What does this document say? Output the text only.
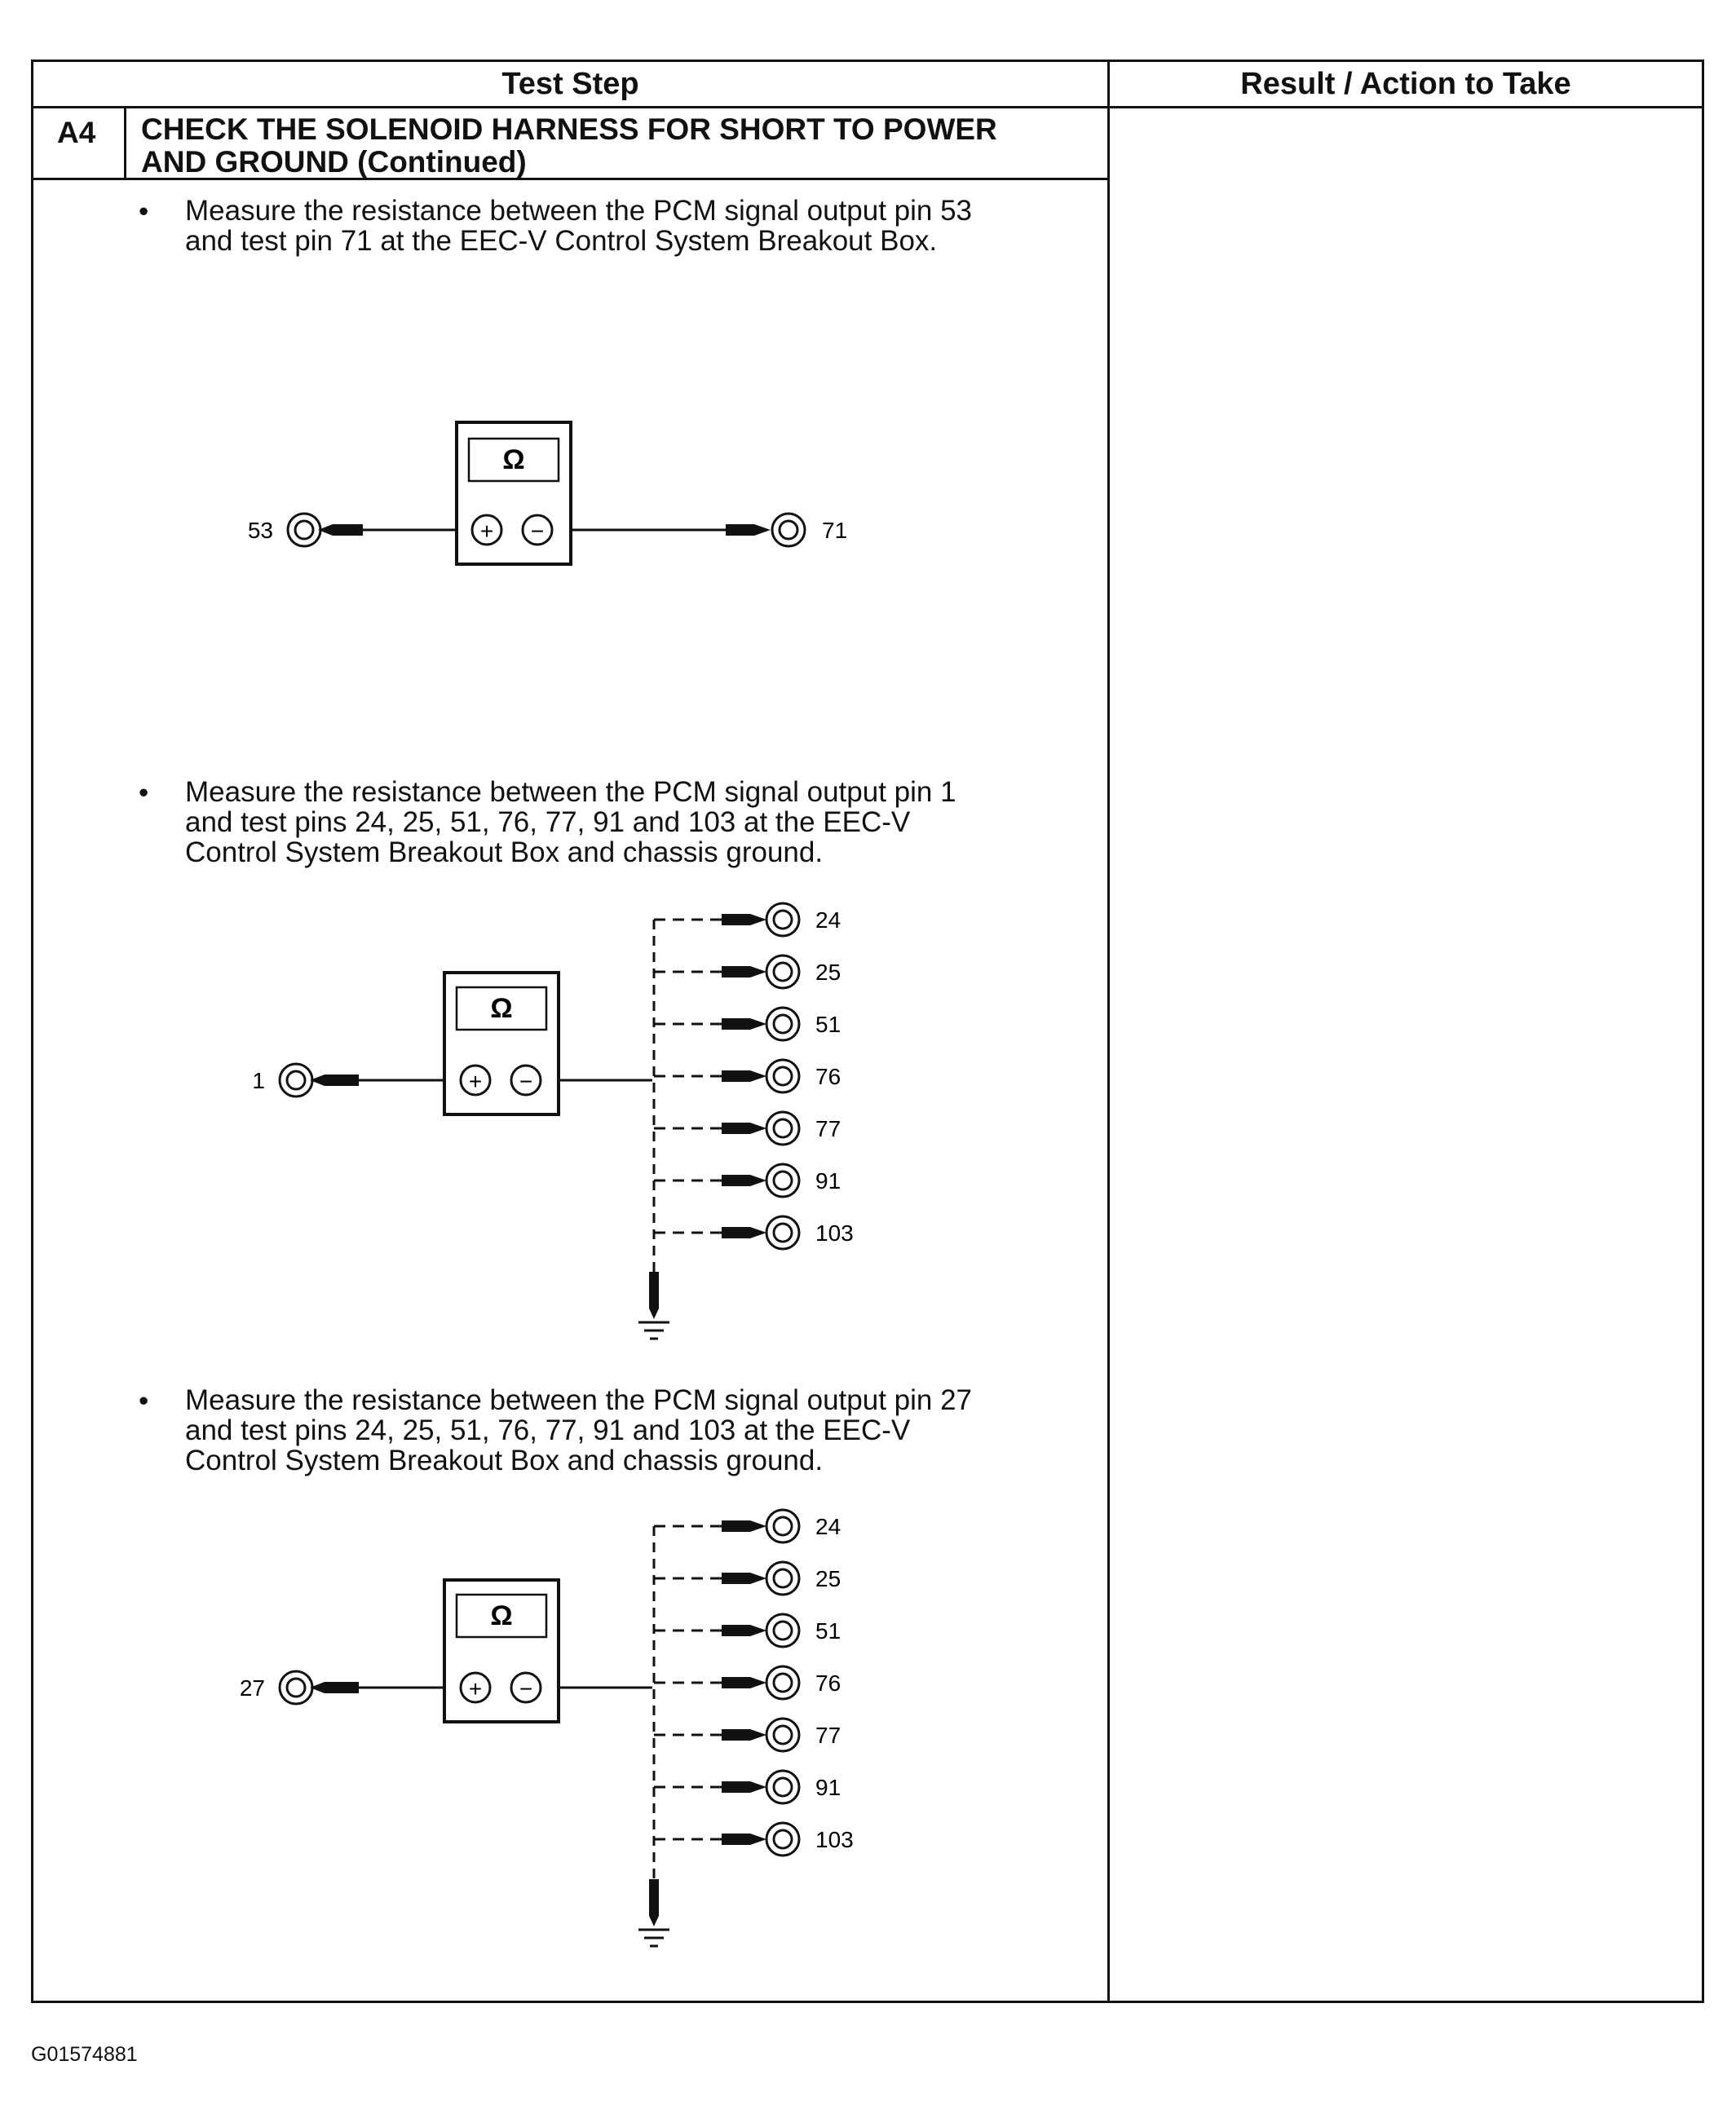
Test Step	Result / Action to Take
A4 CHECK THE SOLENOID HARNESS FOR SHORT TO POWER
AND GROUND (Continued)
• Measure the resistance between the PCM signal output pin 53
and test pin 71 at the EEC-V Control System Breakout Box.
Ω
+ −
53	71
• Measure the resistance between the PCM signal output pin 1
and test pins 24, 25, 51, 76, 77, 91 and 103 at the EEC-V
Control System Breakout Box and chassis ground.
Ω
+ −
1
24
25
51
76
77
91
103
• Measure the resistance between the PCM signal output pin 27
and test pins 24, 25, 51, 76, 77, 91 and 103 at the EEC-V
Control System Breakout Box and chassis ground.
Ω
+ −
27
24
25
51
76
77
91
103
G01574881
